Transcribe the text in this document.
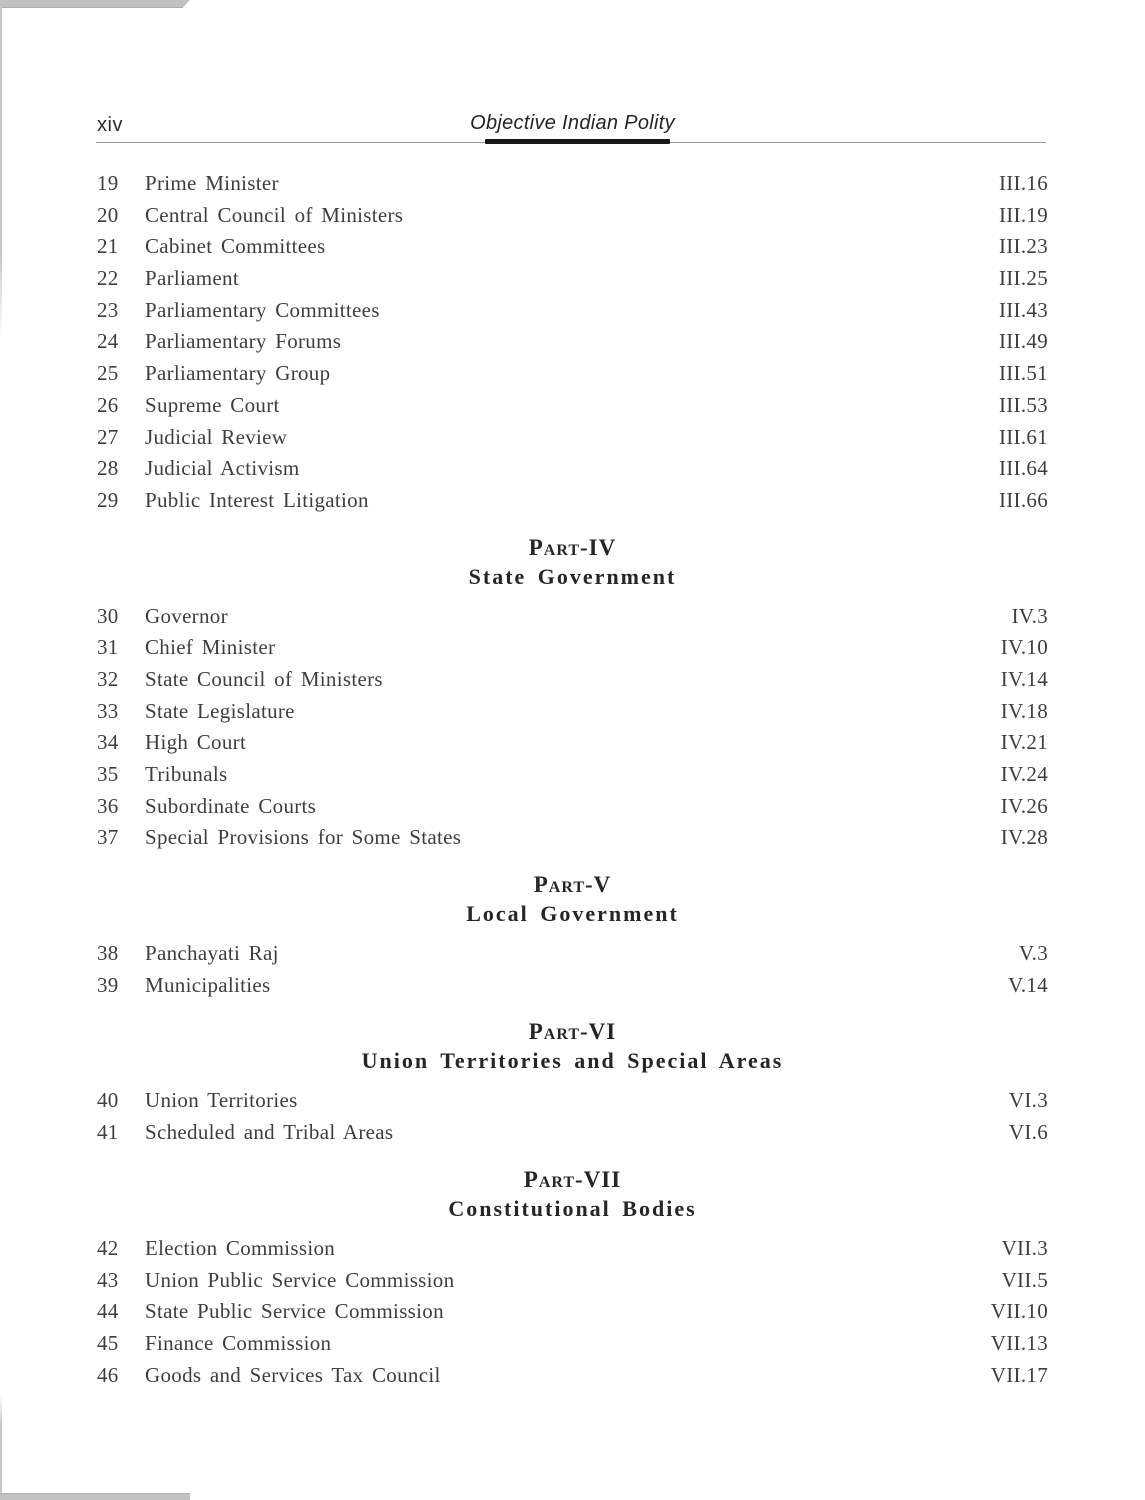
xiv	Objective Indian Polity
19	Prime Minister	III.16
20	Central Council of Ministers	III.19
21	Cabinet Committees	III.23
22	Parliament	III.25
23	Parliamentary Committees	III.43
24	Parliamentary Forums	III.49
25	Parliamentary Group	III.51
26	Supreme Court	III.53
27	Judicial Review	III.61
28	Judicial Activism	III.64
29	Public Interest Litigation	III.66
Part-IV
State Government
30	Governor	IV.3
31	Chief Minister	IV.10
32	State Council of Ministers	IV.14
33	State Legislature	IV.18
34	High Court	IV.21
35	Tribunals	IV.24
36	Subordinate Courts	IV.26
37	Special Provisions for Some States	IV.28
Part-V
Local Government
38	Panchayati Raj	V.3
39	Municipalities	V.14
Part-VI
Union Territories and Special Areas
40	Union Territories	VI.3
41	Scheduled and Tribal Areas	VI.6
Part-VII
Constitutional Bodies
42	Election Commission	VII.3
43	Union Public Service Commission	VII.5
44	State Public Service Commission	VII.10
45	Finance Commission	VII.13
46	Goods and Services Tax Council	VII.17
